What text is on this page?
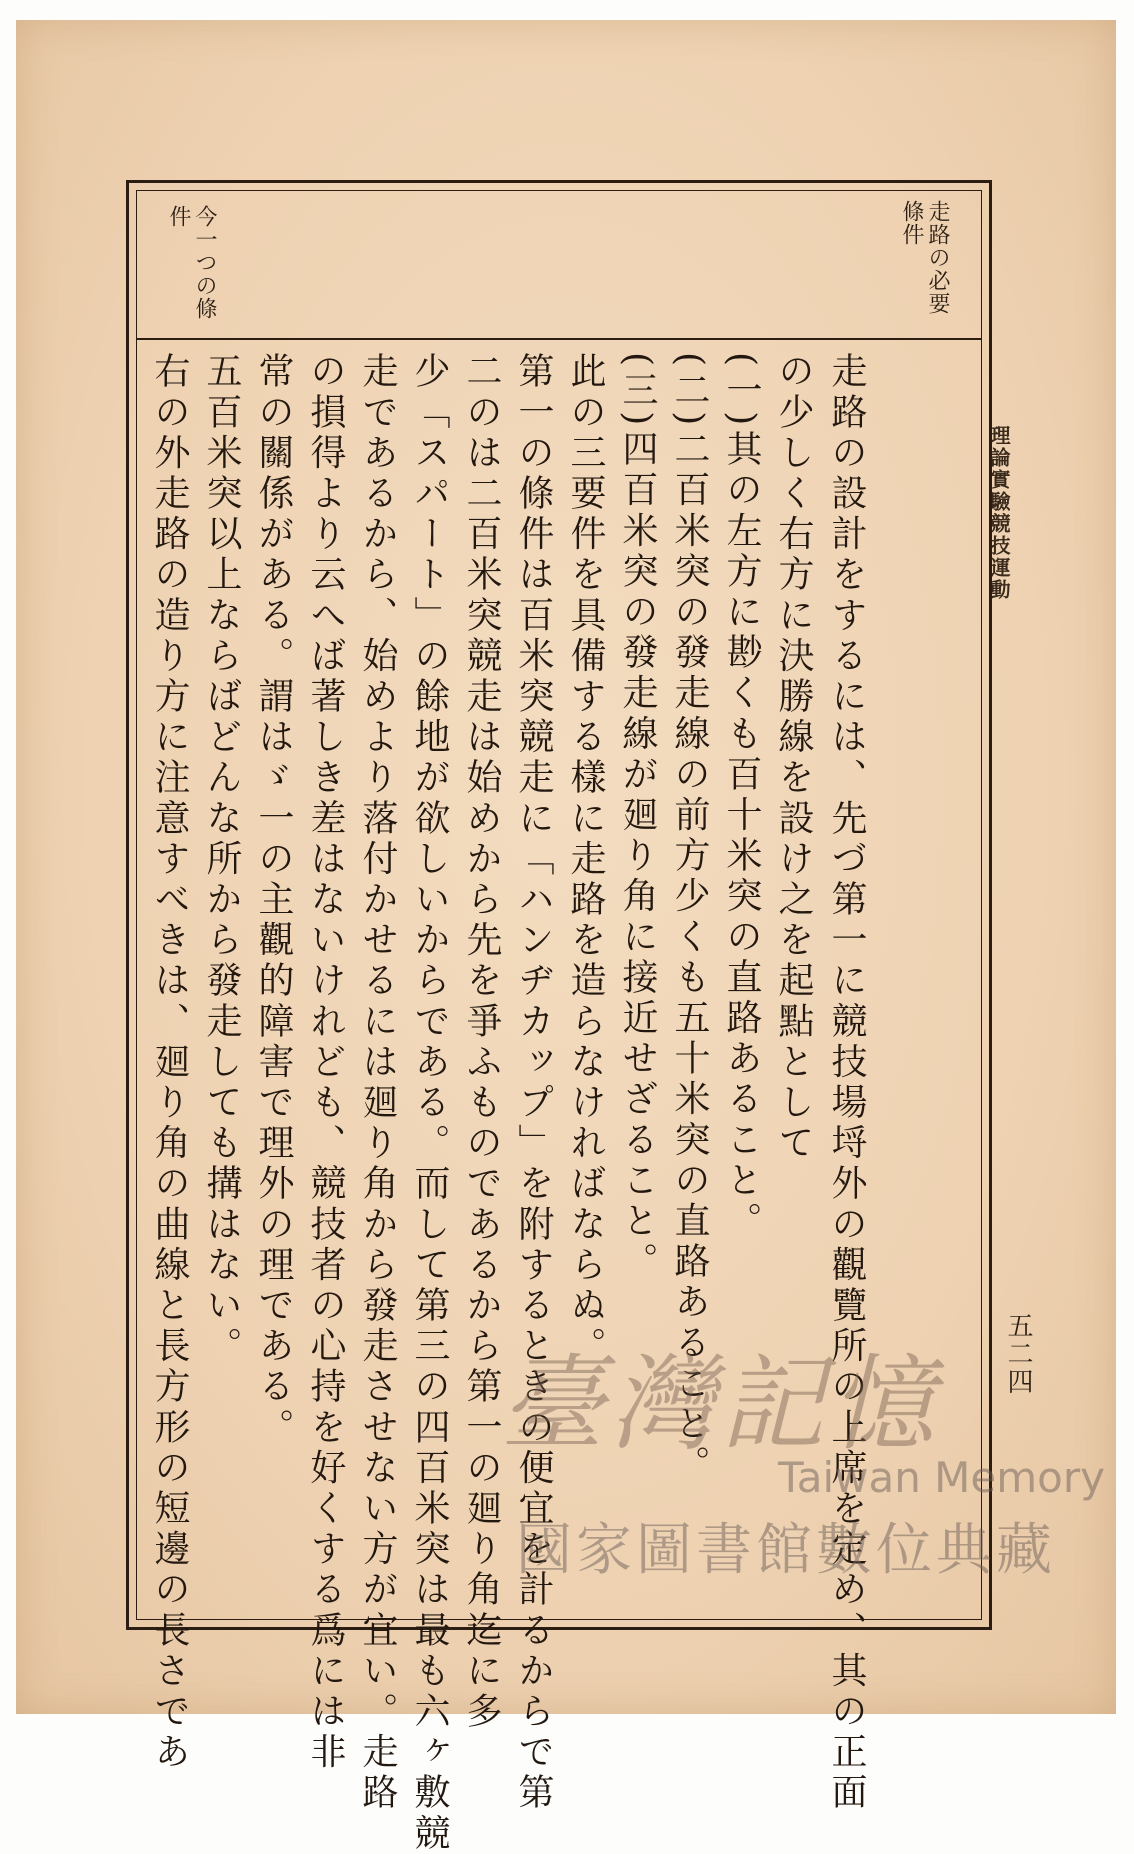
理論實驗競技運動
五二四
走路の必要條件
今一つの條件
走路の設計をするには、先づ第一に競技場埒外の觀覽所の上席を定め、其の正面
の少しく右方に決勝線を設け之を起點として
(一)其の左方に尠くも百十米突の直路あること。
(二)二百米突の發走線の前方少くも五十米突の直路あること。
(三)四百米突の發走線が廻り角に接近せざること。
此の三要件を具備する樣に走路を造らなければならぬ。
第一の條件は百米突競走に「ハンヂカップ」を附するときの便宜を計るからで第
二のは二百米突競走は始めから先を爭ふものであるから第一の廻り角迄に多
少「スパート」の餘地が欲しいからである。而して第三の四百米突は最も六ヶ敷競
走であるから、始めより落付かせるには廻り角から發走させない方が宜い。走路
の損得より云へば著しき差はないけれども、競技者の心持を好くする爲には非
常の關係がある。謂はゞ一の主觀的障害で理外の理である。
五百米突以上ならばどんな所から發走しても搆はない。
右の外走路の造り方に注意すべきは、廻り角の曲線と長方形の短邊の長さであ	臺灣記憶
Taiwan Memory
國家圖書館數位典藏
